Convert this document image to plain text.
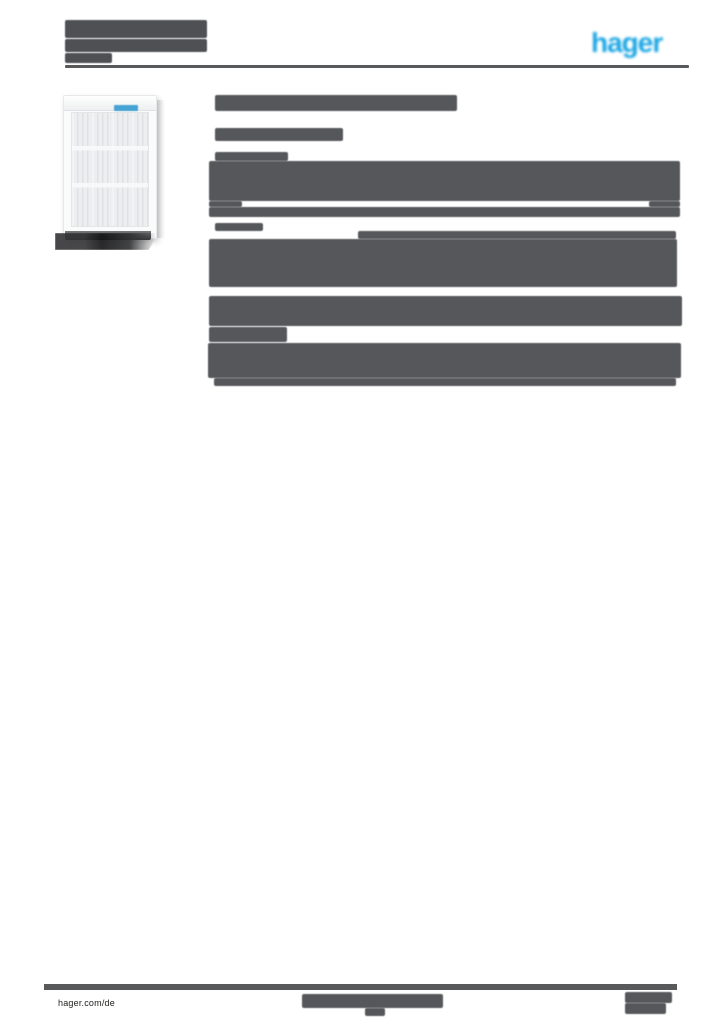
hager
hager.com/de
